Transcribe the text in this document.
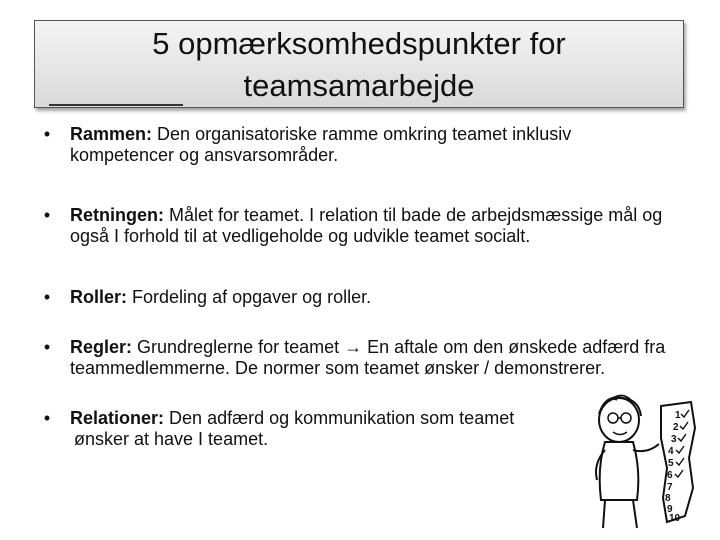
5 opmærksomhedspunkter for
teamsamarbejde
• Rammen: Den organisatoriske ramme omkring teamet inklusiv kompetencer og ansvarsområder.
• Retningen: Målet for teamet. I relation til bade de arbejdsmæssige mål og også I forhold til at vedligeholde og udvikle teamet socialt.
• Roller: Fordeling af opgaver og roller.
• Regler: Grundreglerne for teamet → En aftale om den ønskede adfærd fra teammedlemmerne. De normer som teamet ønsker / demonstrerer.
• Relationer: Den adfærd og kommunikation som teamet
ønsker at have I teamet.
1
2
3
4
5
6
7
8
9
10
